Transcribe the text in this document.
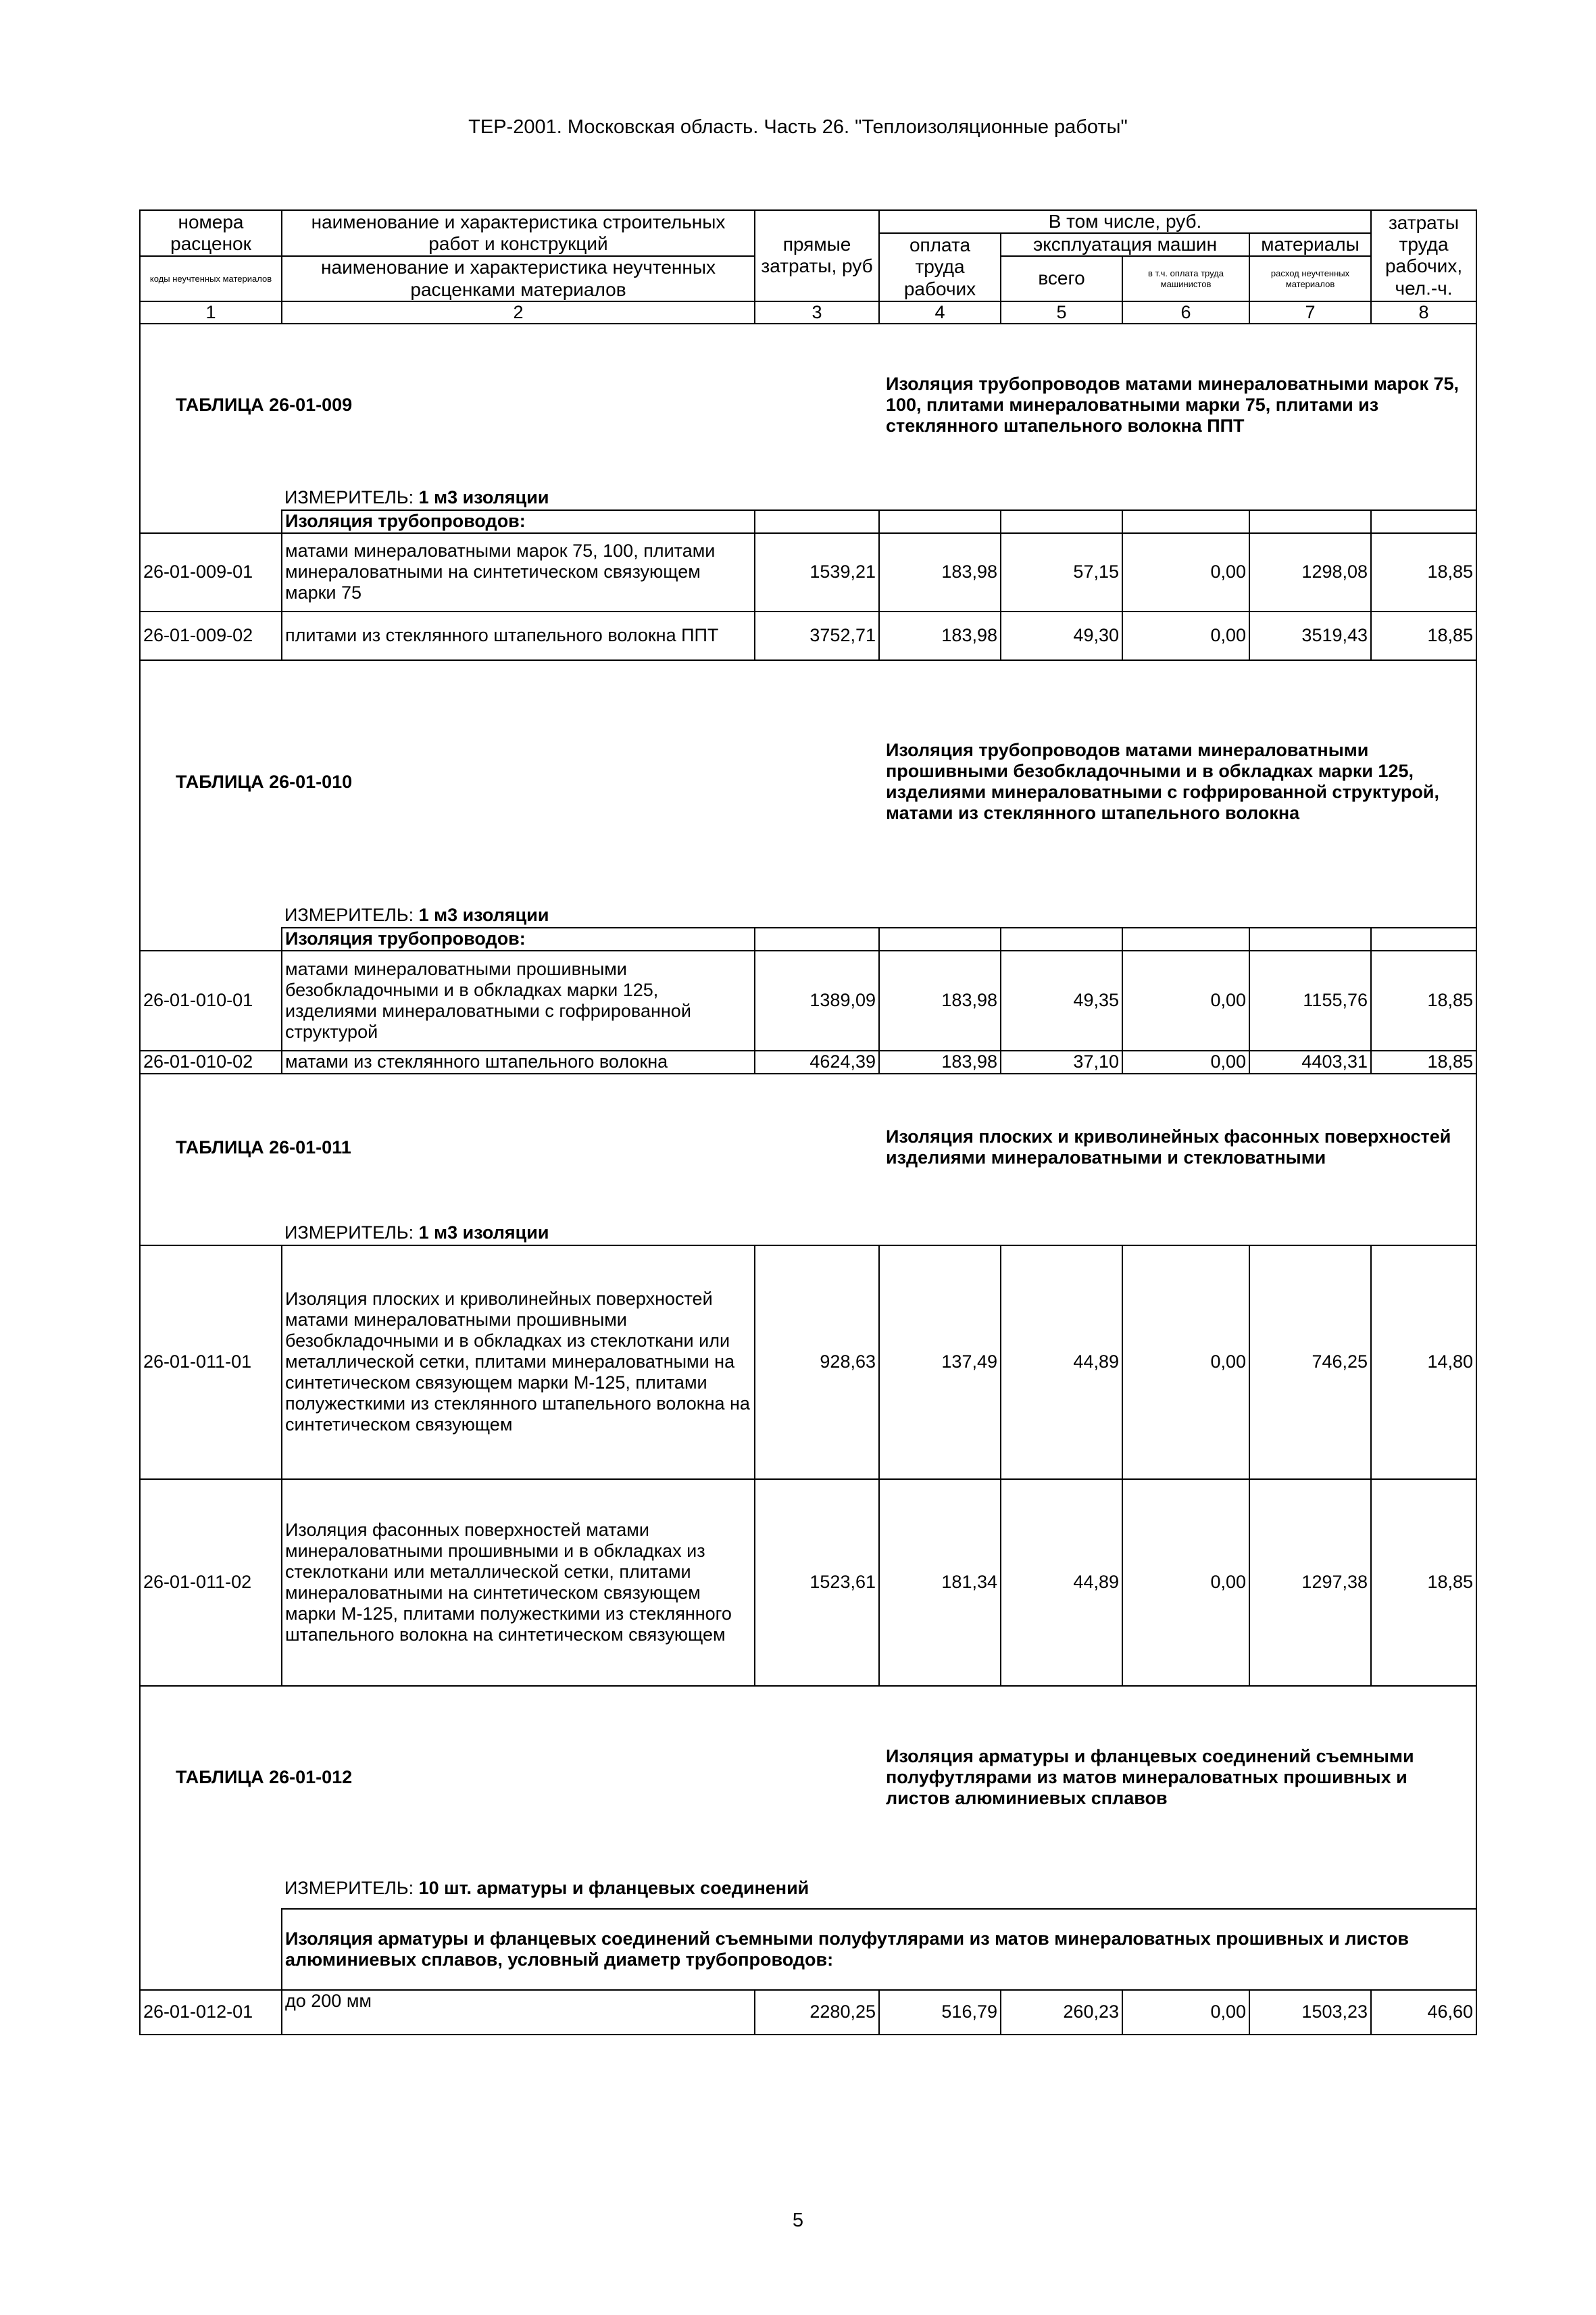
ТЕР-2001. Московская область. Часть 26. "Теплоизоляционные работы"
номера расценок	наименование и характеристика строительных работ и конструкций	прямые затраты, руб	В том числе, руб.				затраты труда рабочих, чел.-ч.
			оплата труда рабочих	эксплуатация машин		материалы	
коды неучтенных материалов	наименование и характеристика неучтенных расценками материалов			всего	в т.ч. оплата труда машинистов	расход неучтенных материалов	

1	2	3	4	5	6	7	8
ТАБЛИЦА 26-01-009			Изоляция трубопроводов матами минераловатными марок 75, 100, плитами минераловатными марки 75, плитами из стеклянного штапельного волокна ППТ				
	ИЗМЕРИТЕЛЬ: 1 м3 изоляции						
	Изоляция трубопроводов:						
26-01-009-01	матами минераловатными марок 75, 100, плитами минераловатными на синтетическом связующем марки 75	1539,21	183,98	57,15	0,00	1298,08	18,85
26-01-009-02	плитами из стеклянного штапельного волокна ППТ	3752,71	183,98	49,30	0,00	3519,43	18,85
ТАБЛИЦА 26-01-010			Изоляция трубопроводов матами минераловатными прошивными безобкладочными и в обкладках марки 125, изделиями минераловатными с гофрированной структурой, матами из стеклянного штапельного волокна				
	ИЗМЕРИТЕЛЬ: 1 м3 изоляции						
	Изоляция трубопроводов:						
26-01-010-01	матами минераловатными прошивными безобкладочными и в обкладках марки 125, изделиями минераловатными с гофрированной структурой	1389,09	183,98	49,35	0,00	1155,76	18,85
26-01-010-02	матами из стеклянного штапельного волокна	4624,39	183,98	37,10	0,00	4403,31	18,85
ТАБЛИЦА 26-01-011			Изоляция плоских и криволинейных фасонных поверхностей изделиями минераловатными и стекловатными				
	ИЗМЕРИТЕЛЬ: 1 м3 изоляции						
26-01-011-01	Изоляция плоских и криволинейных поверхностей матами минераловатными прошивными безобкладочными и в обкладках из стеклоткани или металлической сетки, плитами минераловатными на синтетическом связующем марки М-125, плитами полужесткими из стеклянного штапельного волокна на синтетическом связующем	928,63	137,49	44,89	0,00	746,25	14,80
26-01-011-02	Изоляция фасонных поверхностей матами минераловатными прошивными и в обкладках из стеклоткани или металлической сетки, плитами минераловатными на синтетическом связующем марки М-125, плитами полужесткими из стеклянного штапельного волокна на синтетическом связующем	1523,61	181,34	44,89	0,00	1297,38	18,85
ТАБЛИЦА 26-01-012			Изоляция арматуры и фланцевых соединений съемными полуфутлярами из матов минераловатных прошивных и листов алюминиевых сплавов				
	ИЗМЕРИТЕЛЬ: 10 шт. арматуры и фланцевых соединений						
	Изоляция арматуры и фланцевых соединений съемными полуфутлярами из матов минераловатных прошивных и листов алюминиевых сплавов, условный диаметр трубопроводов:						
26-01-012-01	до 200 мм	2280,25	516,79	260,23	0,00	1503,23	46,60
5
